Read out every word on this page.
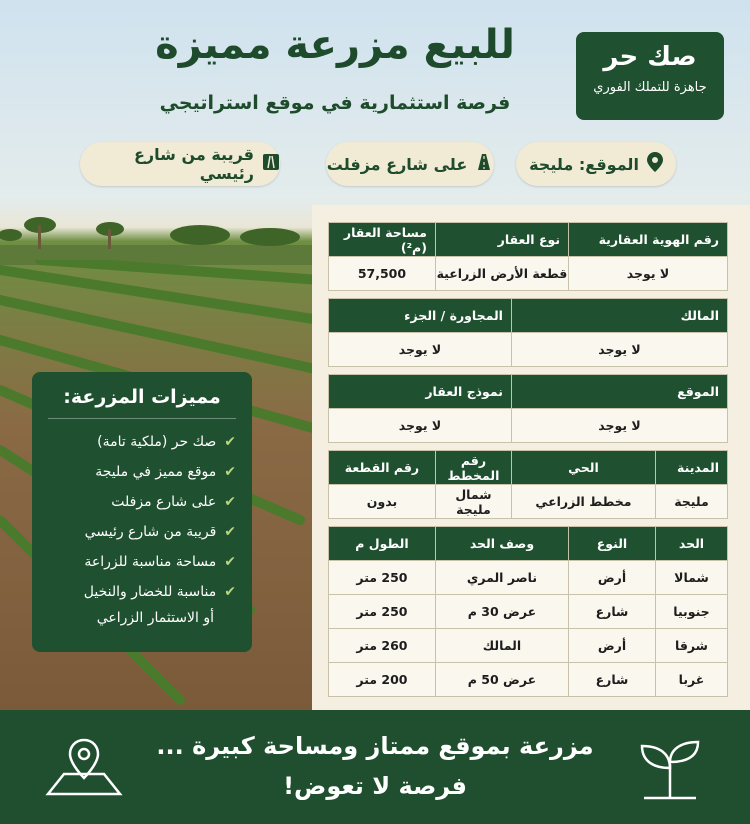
للبيع مزرعة مميزة
فرصة استثمارية في موقع استراتيجي
صك حر
جاهزة للتملك الفوري
قريبة من شارع رئيسي	على شارع مزفلت	الموقع: مليجة
مميزات المزرعة:
✔
صك حر (ملكية تامة)
✔
موقع مميز في مليجة
✔
على شارع مزفلت
✔
قريبة من شارع رئيسي
✔
مساحة مناسبة للزراعة
✔
مناسبة للخضار والنخيل
أو الاستثمار الزراعي
رقم الهوية العقارية		نوع العقار		مساحة العقار (م²)
لا يوجد		قطعة الأرض الزراعية		57,500

المالك			المجاورة / الجزء	
لا يوجد			لا يوجد	

الموقع			نموذج العقار	
لا يوجد			لا يوجد	

المدينة	الحي		رقم المخطط	رقم القطعة
مليجة	مخطط الزراعي		شمال مليجة	بدون

الحد	النوع	وصف الحد		الطول م
شمالا	أرض	ناصر المري		250 متر
جنوبيا	شارع	عرض 30 م		250 متر
شرقا	أرض	المالك		260 متر
غربا	شارع	عرض 50 م		200 متر
مزرعة بموقع ممتاز ومساحة كبيرة ...
فرصة لا تعوض!
